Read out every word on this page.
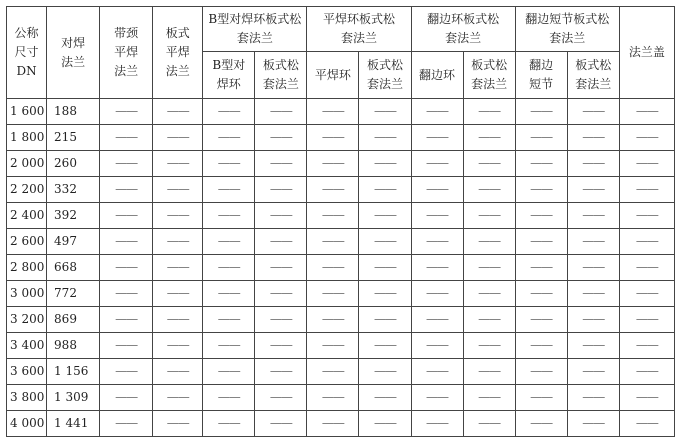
公称尺寸DN	对焊法兰	带颈平焊法兰	板式平焊法兰	B型对焊环板式松套法兰		平焊环板式松套法兰		翻边环板式松套法兰		翻边短节板式松套法兰		法兰盖
				B型对焊环	板式松套法兰	平焊环	板式松套法兰	翻边环	板式松套法兰	翻边短节	板式松套法兰	
1 600	188	——	——	——	——	——	——	——	——	——	——	——
1 800	215	——	——	——	——	——	——	——	——	——	——	——
2 000	260	——	——	——	——	——	——	——	——	——	——	——
2 200	332	——	——	——	——	——	——	——	——	——	——	——
2 400	392	——	——	——	——	——	——	——	——	——	——	——
2 600	497	——	——	——	——	——	——	——	——	——	——	——
2 800	668	——	——	——	——	——	——	——	——	——	——	——
3 000	772	——	——	——	——	——	——	——	——	——	——	——
3 200	869	——	——	——	——	——	——	——	——	——	——	——
3 400	988	——	——	——	——	——	——	——	——	——	——	——
3 600	1 156	——	——	——	——	——	——	——	——	——	——	——
3 800	1 309	——	——	——	——	——	——	——	——	——	——	——
4 000	1 441	——	——	——	——	——	——	——	——	——	——	——
